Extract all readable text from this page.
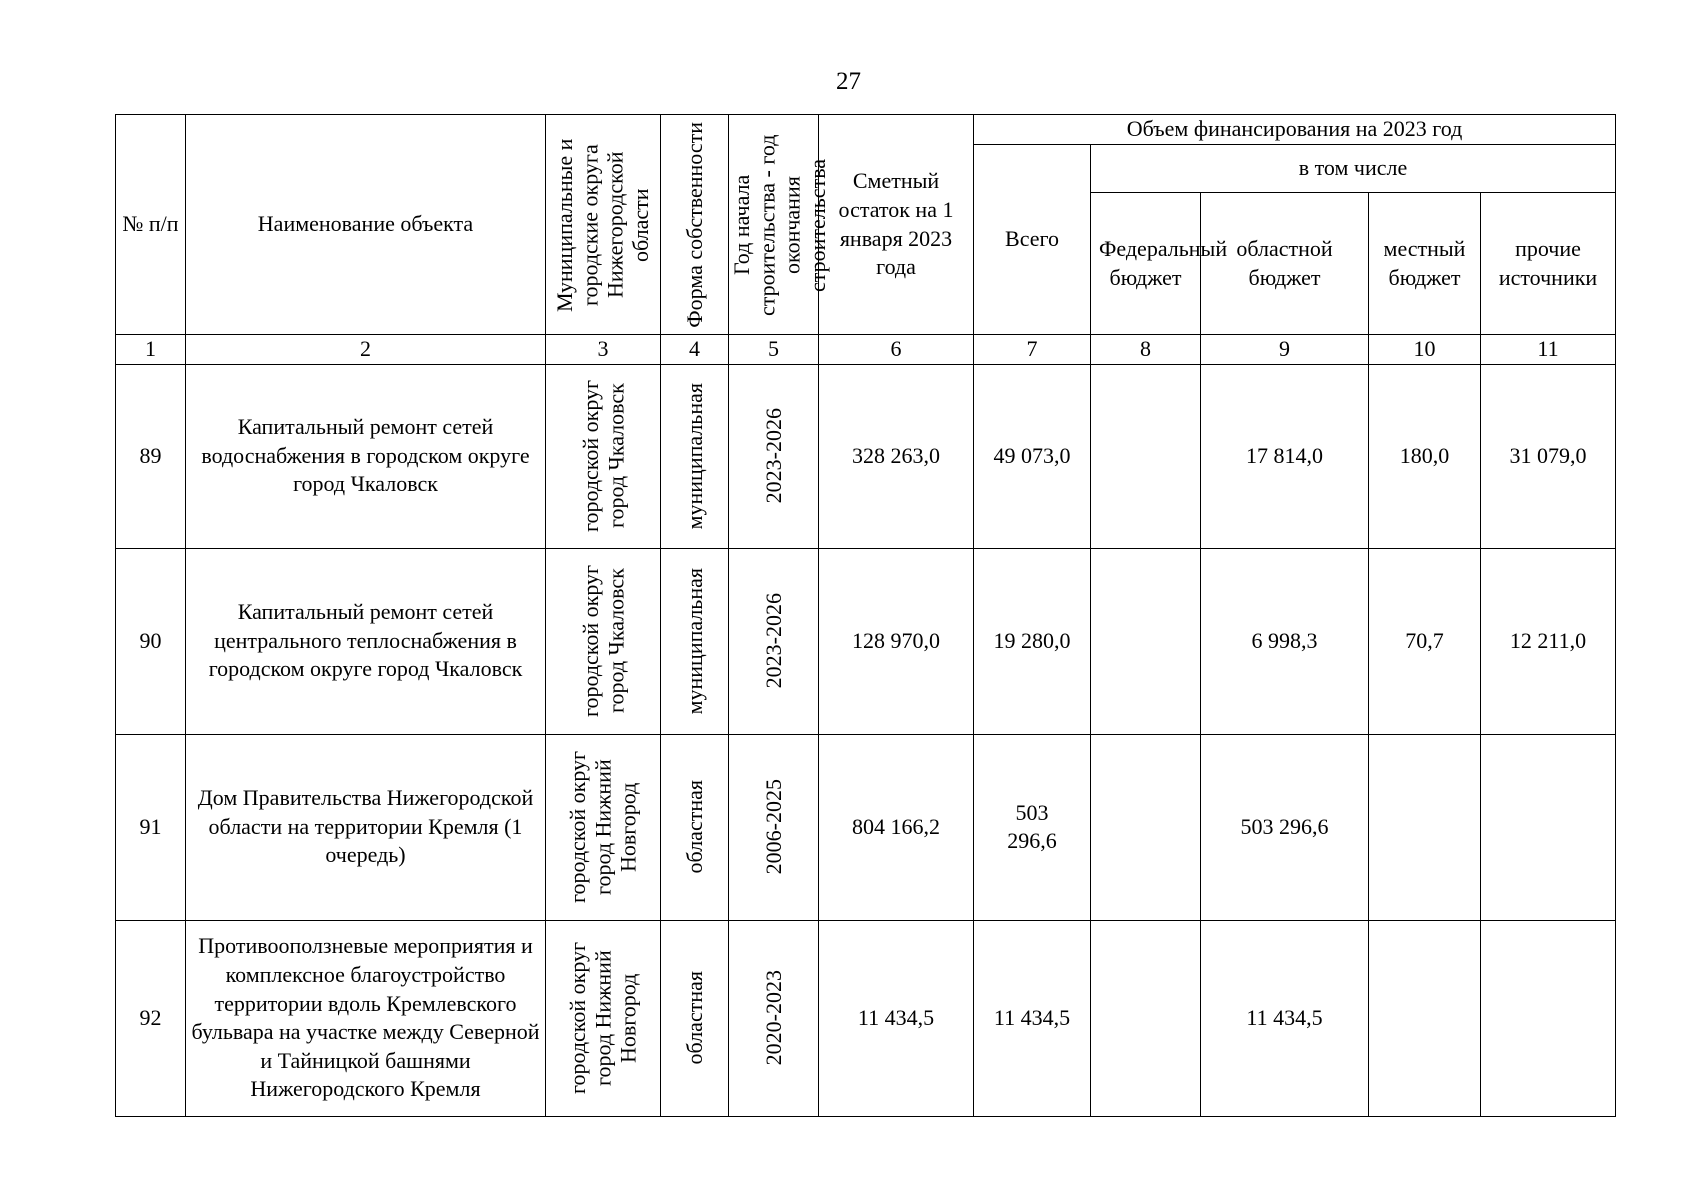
27
№ п/п	Наименование объекта	Муниципальные и городские округа Нижегородской области	Форма собственности	Год начала строительства - год окончания строительства	Сметный остаток на 1 января 2023 года	Объем финансирования на 2023 год				
						Всего	в том числе			
							Федеральный бюджет	областной бюджет	местный бюджет	прочие источники
1	2	3	4	5	6	7	8	9	10	11
89	Капитальный ремонт сетей водоснабжения в городском округе город Чкаловск	городской округ город Чкаловск	муниципальная	2023-2026	328 263,0	49 073,0		17 814,0	180,0	31 079,0
90	Капитальный ремонт сетей центрального теплоснабжения в городском округе город Чкаловск	городской округ город Чкаловск	муниципальная	2023-2026	128 970,0	19 280,0		6 998,3	70,7	12 211,0
91	Дом Правительства Нижегородской области на территории Кремля (1 очередь)	городской округ город Нижний Новгород	областная	2006-2025	804 166,2	503 296,6		503 296,6		
92	Противооползневые мероприятия и комплексное благоустройство территории вдоль Кремлевского бульвара на участке между Северной и Тайницкой башнями Нижегородского Кремля	городской округ город Нижний Новгород	областная	2020-2023	11 434,5	11 434,5		11 434,5		
